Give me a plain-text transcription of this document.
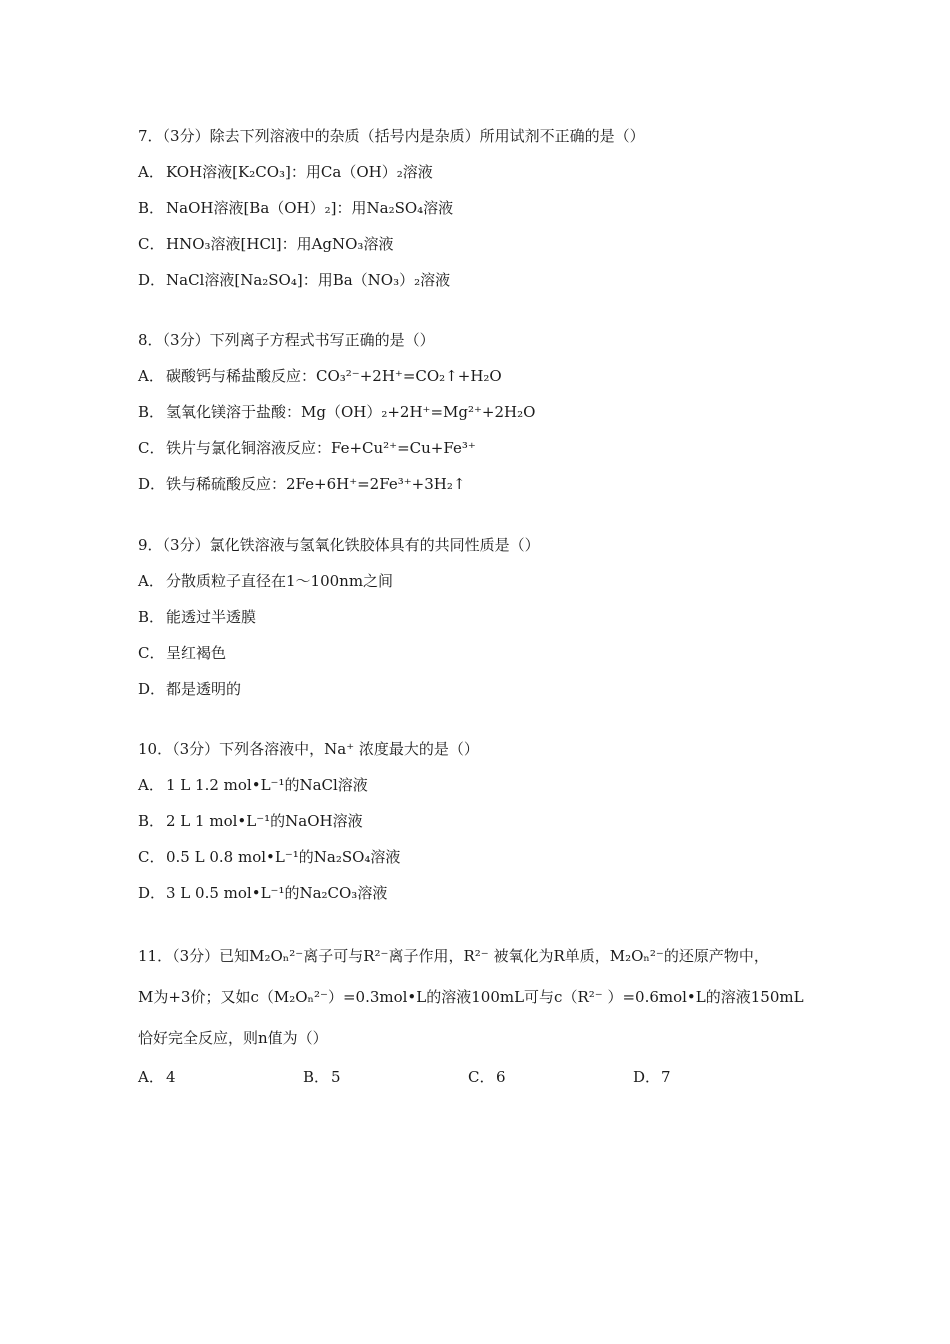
7．（3分）除去下列溶液中的杂质（括号内是杂质）所用试剂不正确的是（）
A． KOH溶液[K₂CO₃]：用Ca（OH）₂溶液
B． NaOH溶液[Ba（OH）₂]：用Na₂SO₄溶液
C． HNO₃溶液[HCl]：用AgNO₃溶液
D．NaCl溶液[Na₂SO₄]：用Ba（NO₃）₂溶液
8．（3分）下列离子方程式书写正确的是（）
A． 碳酸钙与稀盐酸反应：CO₃²⁻+2H⁺=CO₂↑+H₂O
B． 氢氧化镁溶于盐酸：Mg（OH）₂+2H⁺=Mg²⁺+2H₂O
C． 铁片与氯化铜溶液反应：Fe+Cu²⁺=Cu+Fe³⁺
D．铁与稀硫酸反应：2Fe+6H⁺=2Fe³⁺+3H₂↑
9．（3分）氯化铁溶液与氢氧化铁胶体具有的共同性质是（）
A． 分散质粒子直径在1～100nm之间
B． 能透过半透膜
C． 呈红褐色
D．都是透明的
10．（3分）下列各溶液中，Na⁺ 浓度最大的是（）
A． 1 L 1.2 mol•L⁻¹的NaCl溶液
B． 2 L 1 mol•L⁻¹的NaOH溶液
C． 0.5 L 0.8 mol•L⁻¹的Na₂SO₄溶液
D．3 L 0.5 mol•L⁻¹的Na₂CO₃溶液
11．（3分）已知M₂Oₙ²⁻离子可与R²⁻离子作用，R²⁻ 被氧化为R单质，M₂Oₙ²⁻的还原产物中，
M为+3价；又如c（M₂Oₙ²⁻）=0.3mol•L的溶液100mL可与c（R²⁻ ）=0.6mol•L的溶液150mL
恰好完全反应，则n值为（）
A． 4	B． 5	C． 6	D．7
